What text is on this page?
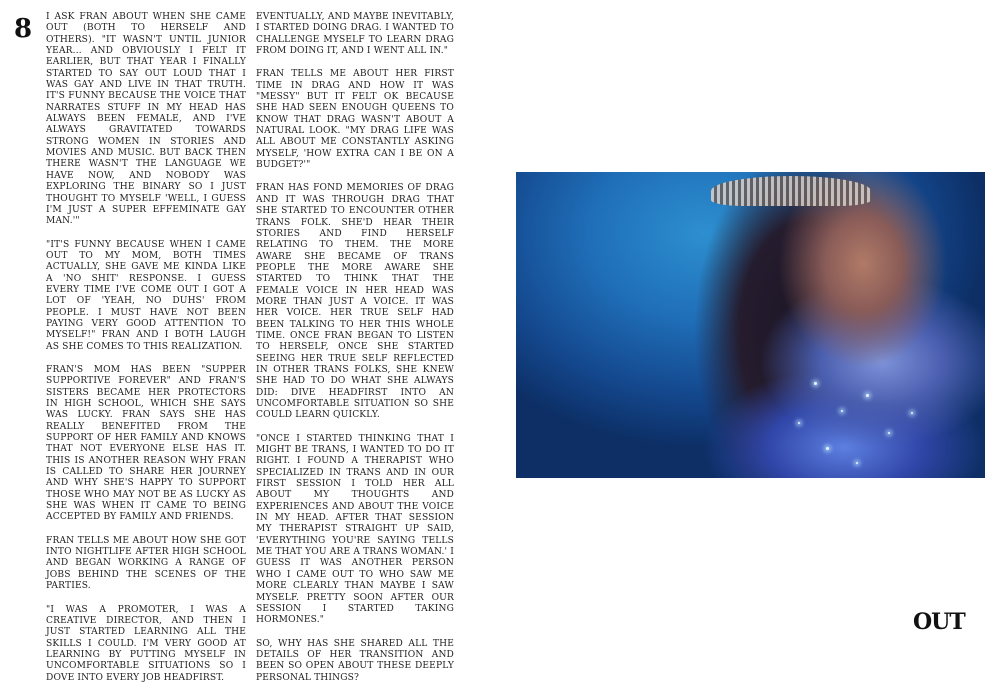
8 I ASK FRAN ABOUT WHEN SHE CAME OUT (BOTH TO HERSELF AND OTHERS). "IT WASN'T UNTIL JUNIOR YEAR... AND OBVIOUSLY I FELT IT EARLIER, BUT THAT YEAR I FINALLY STARTED TO SAY OUT LOUD THAT I WAS GAY AND LIVE IN THAT TRUTH. IT'S FUNNY BECAUSE THE VOICE THAT NARRATES STUFF IN MY HEAD HAS ALWAYS BEEN FEMALE, AND I'VE ALWAYS GRAVITATED TOWARDS STRONG WOMEN IN STORIES AND MOVIES AND MUSIC. BUT BACK THEN THERE WASN'T THE LANGUAGE WE HAVE NOW, AND NOBODY WAS EXPLORING THE BINARY SO I JUST THOUGHT TO MYSELF 'WELL, I GUESS I'M JUST A SUPER EFFEMINATE GAY MAN.'"

"IT'S FUNNY BECAUSE WHEN I CAME OUT TO MY MOM, BOTH TIMES ACTUALLY, SHE GAVE ME KINDA LIKE A 'NO SHIT' RESPONSE. I GUESS EVERY TIME I'VE COME OUT I GOT A LOT OF 'YEAH, NO DUHS' FROM PEOPLE. I MUST HAVE NOT BEEN PAYING VERY GOOD ATTENTION TO MYSELF!" FRAN AND I BOTH LAUGH AS SHE COMES TO THIS REALIZATION.

FRAN'S MOM HAS BEEN "SUPPER SUPPORTIVE FOREVER" AND FRAN'S SISTERS BECAME HER PROTECTORS IN HIGH SCHOOL, WHICH SHE SAYS WAS LUCKY. FRAN SAYS SHE HAS REALLY BENEFITED FROM THE SUPPORT OF HER FAMILY AND KNOWS THAT NOT EVERYONE ELSE HAS IT. THIS IS ANOTHER REASON WHY FRAN IS CALLED TO SHARE HER JOURNEY AND WHY SHE'S HAPPY TO SUPPORT THOSE WHO MAY NOT BE AS LUCKY AS SHE WAS WHEN IT CAME TO BEING ACCEPTED BY FAMILY AND FRIENDS.

FRAN TELLS ME ABOUT HOW SHE GOT INTO NIGHTLIFE AFTER HIGH SCHOOL AND BEGAN WORKING A RANGE OF JOBS BEHIND THE SCENES OF THE PARTIES.

"I WAS A PROMOTER, I WAS A CREATIVE DIRECTOR, AND THEN I JUST STARTED LEARNING ALL THE SKILLS I COULD. I'M VERY GOOD AT LEARNING BY PUTTING MYSELF IN UNCOMFORTABLE SITUATIONS SO I DOVE INTO EVERY JOB HEADFIRST.

EVENTUALLY, AND MAYBE INEVITABLY, I STARTED DOING DRAG. I WANTED TO CHALLENGE MYSELF TO LEARN DRAG FROM DOING IT, AND I WENT ALL IN."

FRAN TELLS ME ABOUT HER FIRST TIME IN DRAG AND HOW IT WAS "MESSY" BUT IT FELT OK BECAUSE SHE HAD SEEN ENOUGH QUEENS TO KNOW THAT DRAG WASN'T ABOUT A NATURAL LOOK. "MY DRAG LIFE WAS ALL ABOUT ME CONSTANTLY ASKING MYSELF, 'HOW EXTRA CAN I BE ON A BUDGET?'"

FRAN HAS FOND MEMORIES OF DRAG AND IT WAS THROUGH DRAG THAT SHE STARTED TO ENCOUNTER OTHER TRANS FOLK. SHE'D HEAR THEIR STORIES AND FIND HERSELF RELATING TO THEM. THE MORE AWARE SHE BECAME OF TRANS PEOPLE THE MORE AWARE SHE STARTED TO THINK THAT THE FEMALE VOICE IN HER HEAD WAS MORE THAN JUST A VOICE. IT WAS HER VOICE. HER TRUE SELF HAD BEEN TALKING TO HER THIS WHOLE TIME. ONCE FRAN BEGAN TO LISTEN TO HERSELF, ONCE SHE STARTED SEEING HER TRUE SELF REFLECTED IN OTHER TRANS FOLKS, SHE KNEW SHE HAD TO DO WHAT SHE ALWAYS DID: DIVE HEADFIRST INTO AN UNCOMFORTABLE SITUATION SO SHE COULD LEARN QUICKLY.

"ONCE I STARTED THINKING THAT I MIGHT BE TRANS, I WANTED TO DO IT RIGHT. I FOUND A THERAPIST WHO SPECIALIZED IN TRANS AND IN OUR FIRST SESSION I TOLD HER ALL ABOUT MY THOUGHTS AND EXPERIENCES AND ABOUT THE VOICE IN MY HEAD. AFTER THAT SESSION MY THERAPIST STRAIGHT UP SAID, 'EVERYTHING YOU'RE SAYING TELLS ME THAT YOU ARE A TRANS WOMAN.' I GUESS IT WAS ANOTHER PERSON WHO I CAME OUT TO WHO SAW ME MORE CLEARLY THAN MAYBE I SAW MYSELF. PRETTY SOON AFTER OUR SESSION I STARTED TAKING HORMONES."

SO, WHY HAS SHE SHARED ALL THE DETAILS OF HER TRANSITION AND BEEN SO OPEN ABOUT THESE DEEPLY PERSONAL THINGS?

OUT
